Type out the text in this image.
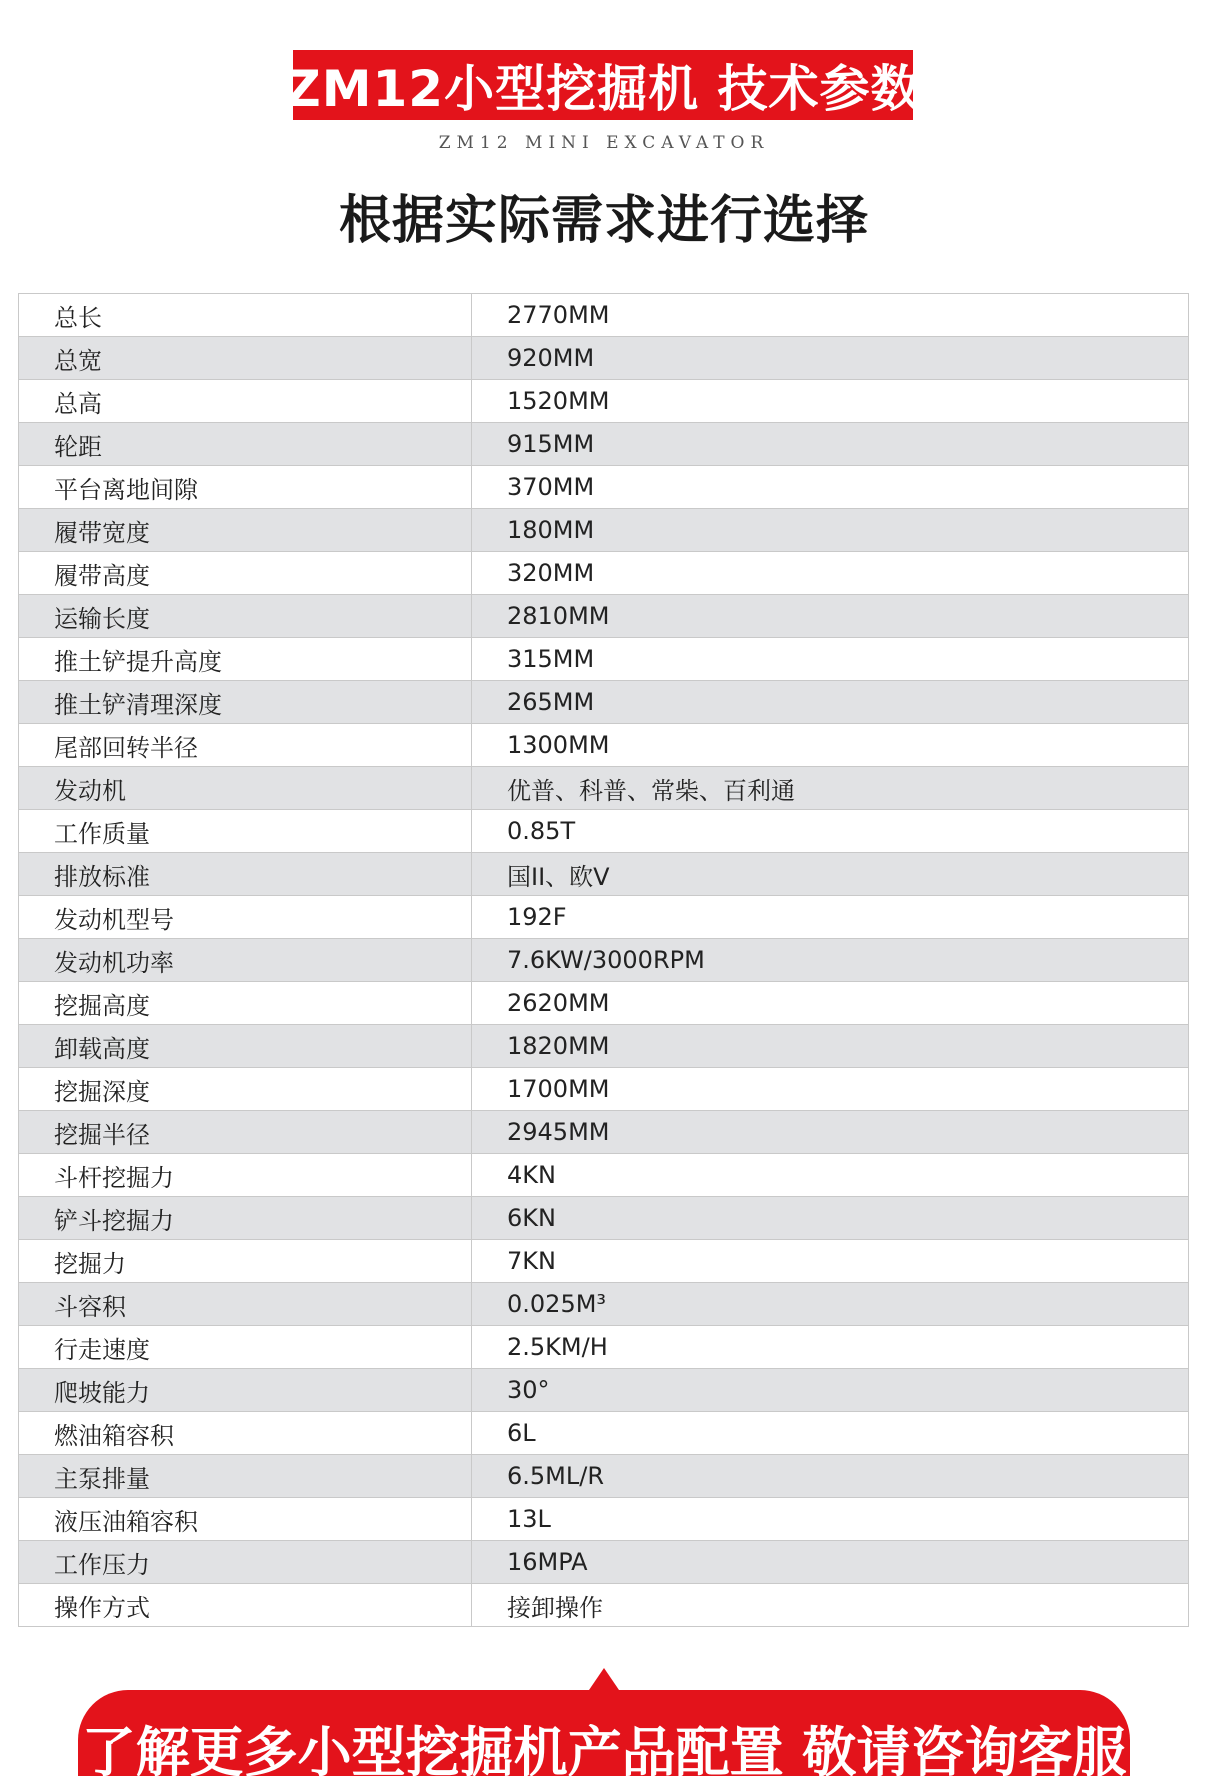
ZM12小型挖掘机 技术参数
ZM12 MINI EXCAVATOR
根据实际需求进行选择
总长	2770MM
总宽	920MM
总高	1520MM
轮距	915MM
平台离地间隙	370MM
履带宽度	180MM
履带高度	320MM
运输长度	2810MM
推土铲提升高度	315MM
推土铲清理深度	265MM
尾部回转半径	1300MM
发动机	优普、科普、常柴、百利通
工作质量	0.85T
排放标准	国II、欧V
发动机型号	192F
发动机功率	7.6KW/3000RPM
挖掘高度	2620MM
卸载高度	1820MM
挖掘深度	1700MM
挖掘半径	2945MM
斗杆挖掘力	4KN
铲斗挖掘力	6KN
挖掘力	7KN
斗容积	0.025M³
行走速度	2.5KM/H
爬坡能力	30°
燃油箱容积	6L
主泵排量	6.5ML/R
液压油箱容积	13L
工作压力	16MPA
操作方式	接卸操作
了解更多小型挖掘机产品配置 敬请咨询客服
